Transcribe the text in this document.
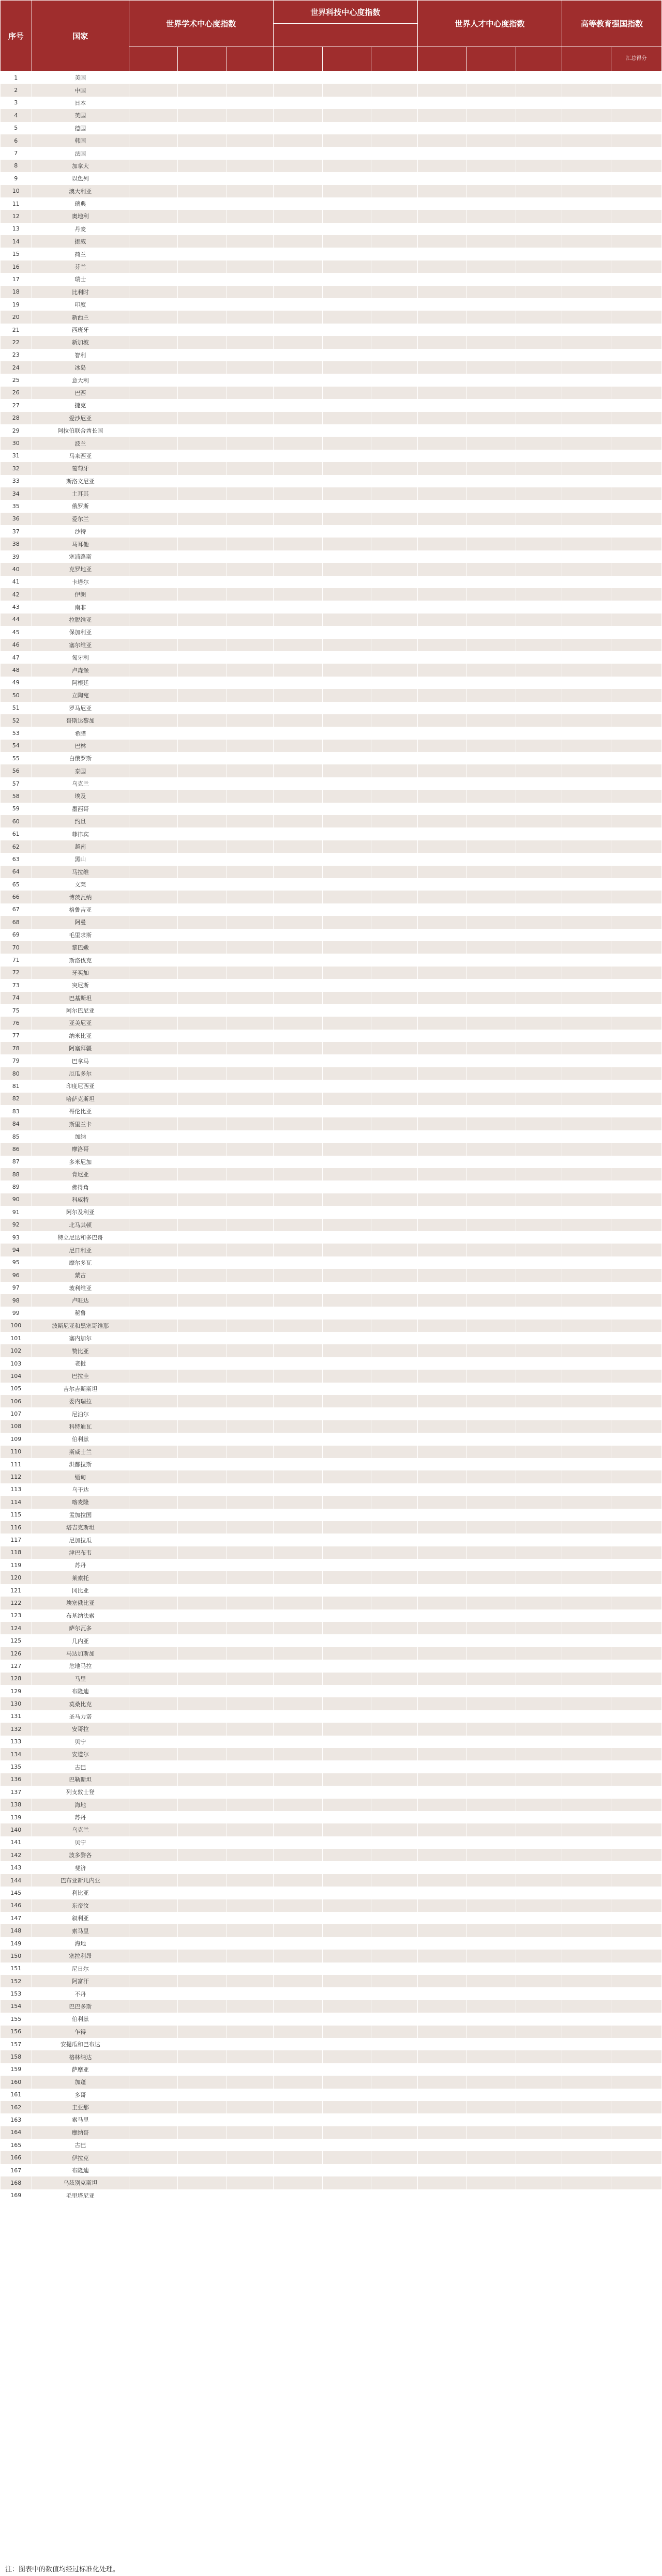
序号	国家	世界学术中心度指数			世界科技中心度指数			世界人才中心度指数			高等教育强国指数	

												汇总得分
1	美国											
2	中国											
3	日本											
4	英国											
5	德国											
6	韩国											
7	法国											
8	加拿大											
9	以色列											
10	澳大利亚											
11	瑞典											
12	奥地利											
13	丹麦											
14	挪威											
15	荷兰											
16	芬兰											
17	瑞士											
18	比利时											
19	印度											
20	新西兰											
21	西班牙											
22	新加坡											
23	智利											
24	冰岛											
25	意大利											
26	巴西											
27	捷克											
28	爱沙尼亚											
29	阿拉伯联合酋长国											
30	波兰											
31	马来西亚											
32	葡萄牙											
33	斯洛文尼亚											
34	土耳其											
35	俄罗斯											
36	爱尔兰											
37	沙特											
38	马耳他											
39	塞浦路斯											
40	克罗地亚											
41	卡塔尔											
42	伊朗											
43	南非											
44	拉脱维亚											
45	保加利亚											
46	塞尔维亚											
47	匈牙利											
48	卢森堡											
49	阿根廷											
50	立陶宛											
51	罗马尼亚											
52	哥斯达黎加											
53	希腊											
54	巴林											
55	白俄罗斯											
56	泰国											
57	乌克兰											
58	埃及											
59	墨西哥											
60	约旦											
61	菲律宾											
62	越南											
63	黑山											
64	马拉维											
65	文莱											
66	博茨瓦纳											
67	格鲁吉亚											
68	阿曼											
69	毛里求斯											
70	黎巴嫩											
71	斯洛伐克											
72	牙买加											
73	突尼斯											
74	巴基斯坦											
75	阿尔巴尼亚											
76	亚美尼亚											
77	纳米比亚											
78	阿塞拜疆											
79	巴拿马											
80	厄瓜多尔											
81	印度尼西亚											
82	哈萨克斯坦											
83	哥伦比亚											
84	斯里兰卡											
85	加纳											
86	摩洛哥											
87	多米尼加											
88	肯尼亚											
89	佛得角											
90	科威特											
91	阿尔及利亚											
92	北马其顿											
93	特立尼达和多巴哥											
94	尼日利亚											
95	摩尔多瓦											
96	蒙古											
97	玻利维亚											
98	卢旺达											
99	秘鲁											
100	波斯尼亚和黑塞哥维那											
101	塞内加尔											
102	赞比亚											
103	老挝											
104	巴拉圭											
105	吉尔吉斯斯坦											
106	委内瑞拉											
107	尼泊尔											
108	科特迪瓦											
109	伯利兹											
110	斯威士兰											
111	洪都拉斯											
112	缅甸											
113	乌干达											
114	喀麦隆											
115	孟加拉国											
116	塔吉克斯坦											
117	尼加拉瓜											
118	津巴布韦											
119	苏丹											
120	莱索托											
121	冈比亚											
122	埃塞俄比亚											
123	布基纳法索											
124	萨尔瓦多											
125	几内亚											
126	马达加斯加											
127	危地马拉											
128	马里											
129	布隆迪											
130	莫桑比克											
131	圣马力诺											
132	安哥拉											
133	贝宁											
134	安道尔											
135	古巴											
136	巴勒斯坦											
137	列支敦士登											
138	海地											
139	苏丹											
140	乌克兰											
141	贝宁											
142	波多黎各											
143	斐济											
144	巴布亚新几内亚											
145	利比亚											
146	东帝汶											
147	叙利亚											
148	索马里											
149	海地											
150	塞拉利昂											
151	尼日尔											
152	阿富汗											
153	不丹											
154	巴巴多斯											
155	伯利兹											
156	乍得											
157	安提瓜和巴布达											
158	格林纳达											
159	萨摩亚											
160	加蓬											
161	多哥											
162	圭亚那											
163	索马里											
164	摩纳哥											
165	古巴											
166	伊拉克											
167	布隆迪											
168	乌兹别克斯坦											
169	毛里塔尼亚											
注：图表中的数值均经过标准化处理。
